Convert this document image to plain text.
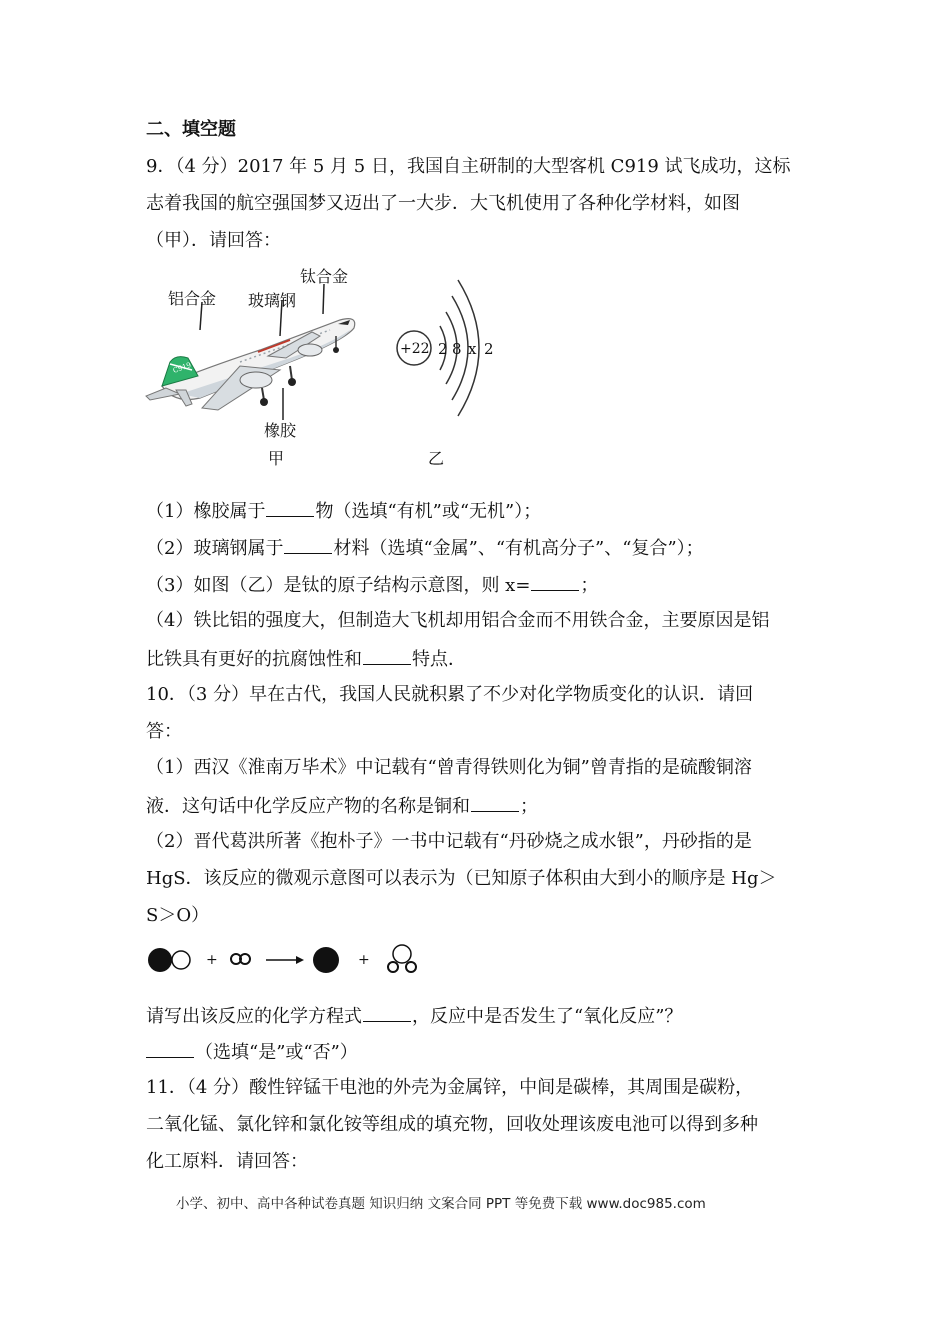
二、填空题
9．（4 分）2017 年 5 月 5 日，我国自主研制的大型客机 C919 试飞成功，这标
志着我国的航空强国梦又迈出了一大步．大飞机使用了各种化学材料，如图
（甲）．请回答：
C919
铝合金 玻璃钢
钛合金
橡胶
甲
+22 2 8 x 2
乙
（1）橡胶属于	物（选填“有机”或“无机”）；
（2）玻璃钢属于	材料（选填“金属”、“有机高分子”、“复合”）；
（3）如图（乙）是钛的原子结构示意图，则 x=	；
（4）铁比铝的强度大，但制造大飞机却用铝合金而不用铁合金，主要原因是铝
比铁具有更好的抗腐蚀性和	特点．
10．（3 分）早在古代，我国人民就积累了不少对化学物质变化的认识．请回
答：
（1）西汉《淮南万毕术》中记载有“曾青得铁则化为铜”曾青指的是硫酸铜溶
液．这句话中化学反应产物的名称是铜和	；
（2）晋代葛洪所著《抱朴子》一书中记载有“丹砂烧之成水银”，丹砂指的是
HgS．该反应的微观示意图可以表示为（已知原子体积由大到小的顺序是 Hg＞
S＞O）
+	+
请写出该反应的化学方程式	，反应中是否发生了“氧化反应”？
（选填“是”或“否”）
11．（4 分）酸性锌锰干电池的外壳为金属锌，中间是碳棒，其周围是碳粉，
二氧化锰、氯化锌和氯化铵等组成的填充物，回收处理该废电池可以得到多种
化工原料．请回答：
小学、初中、高中各种试卷真题 知识归纳 文案合同 PPT 等免费下载 www.doc985.com
